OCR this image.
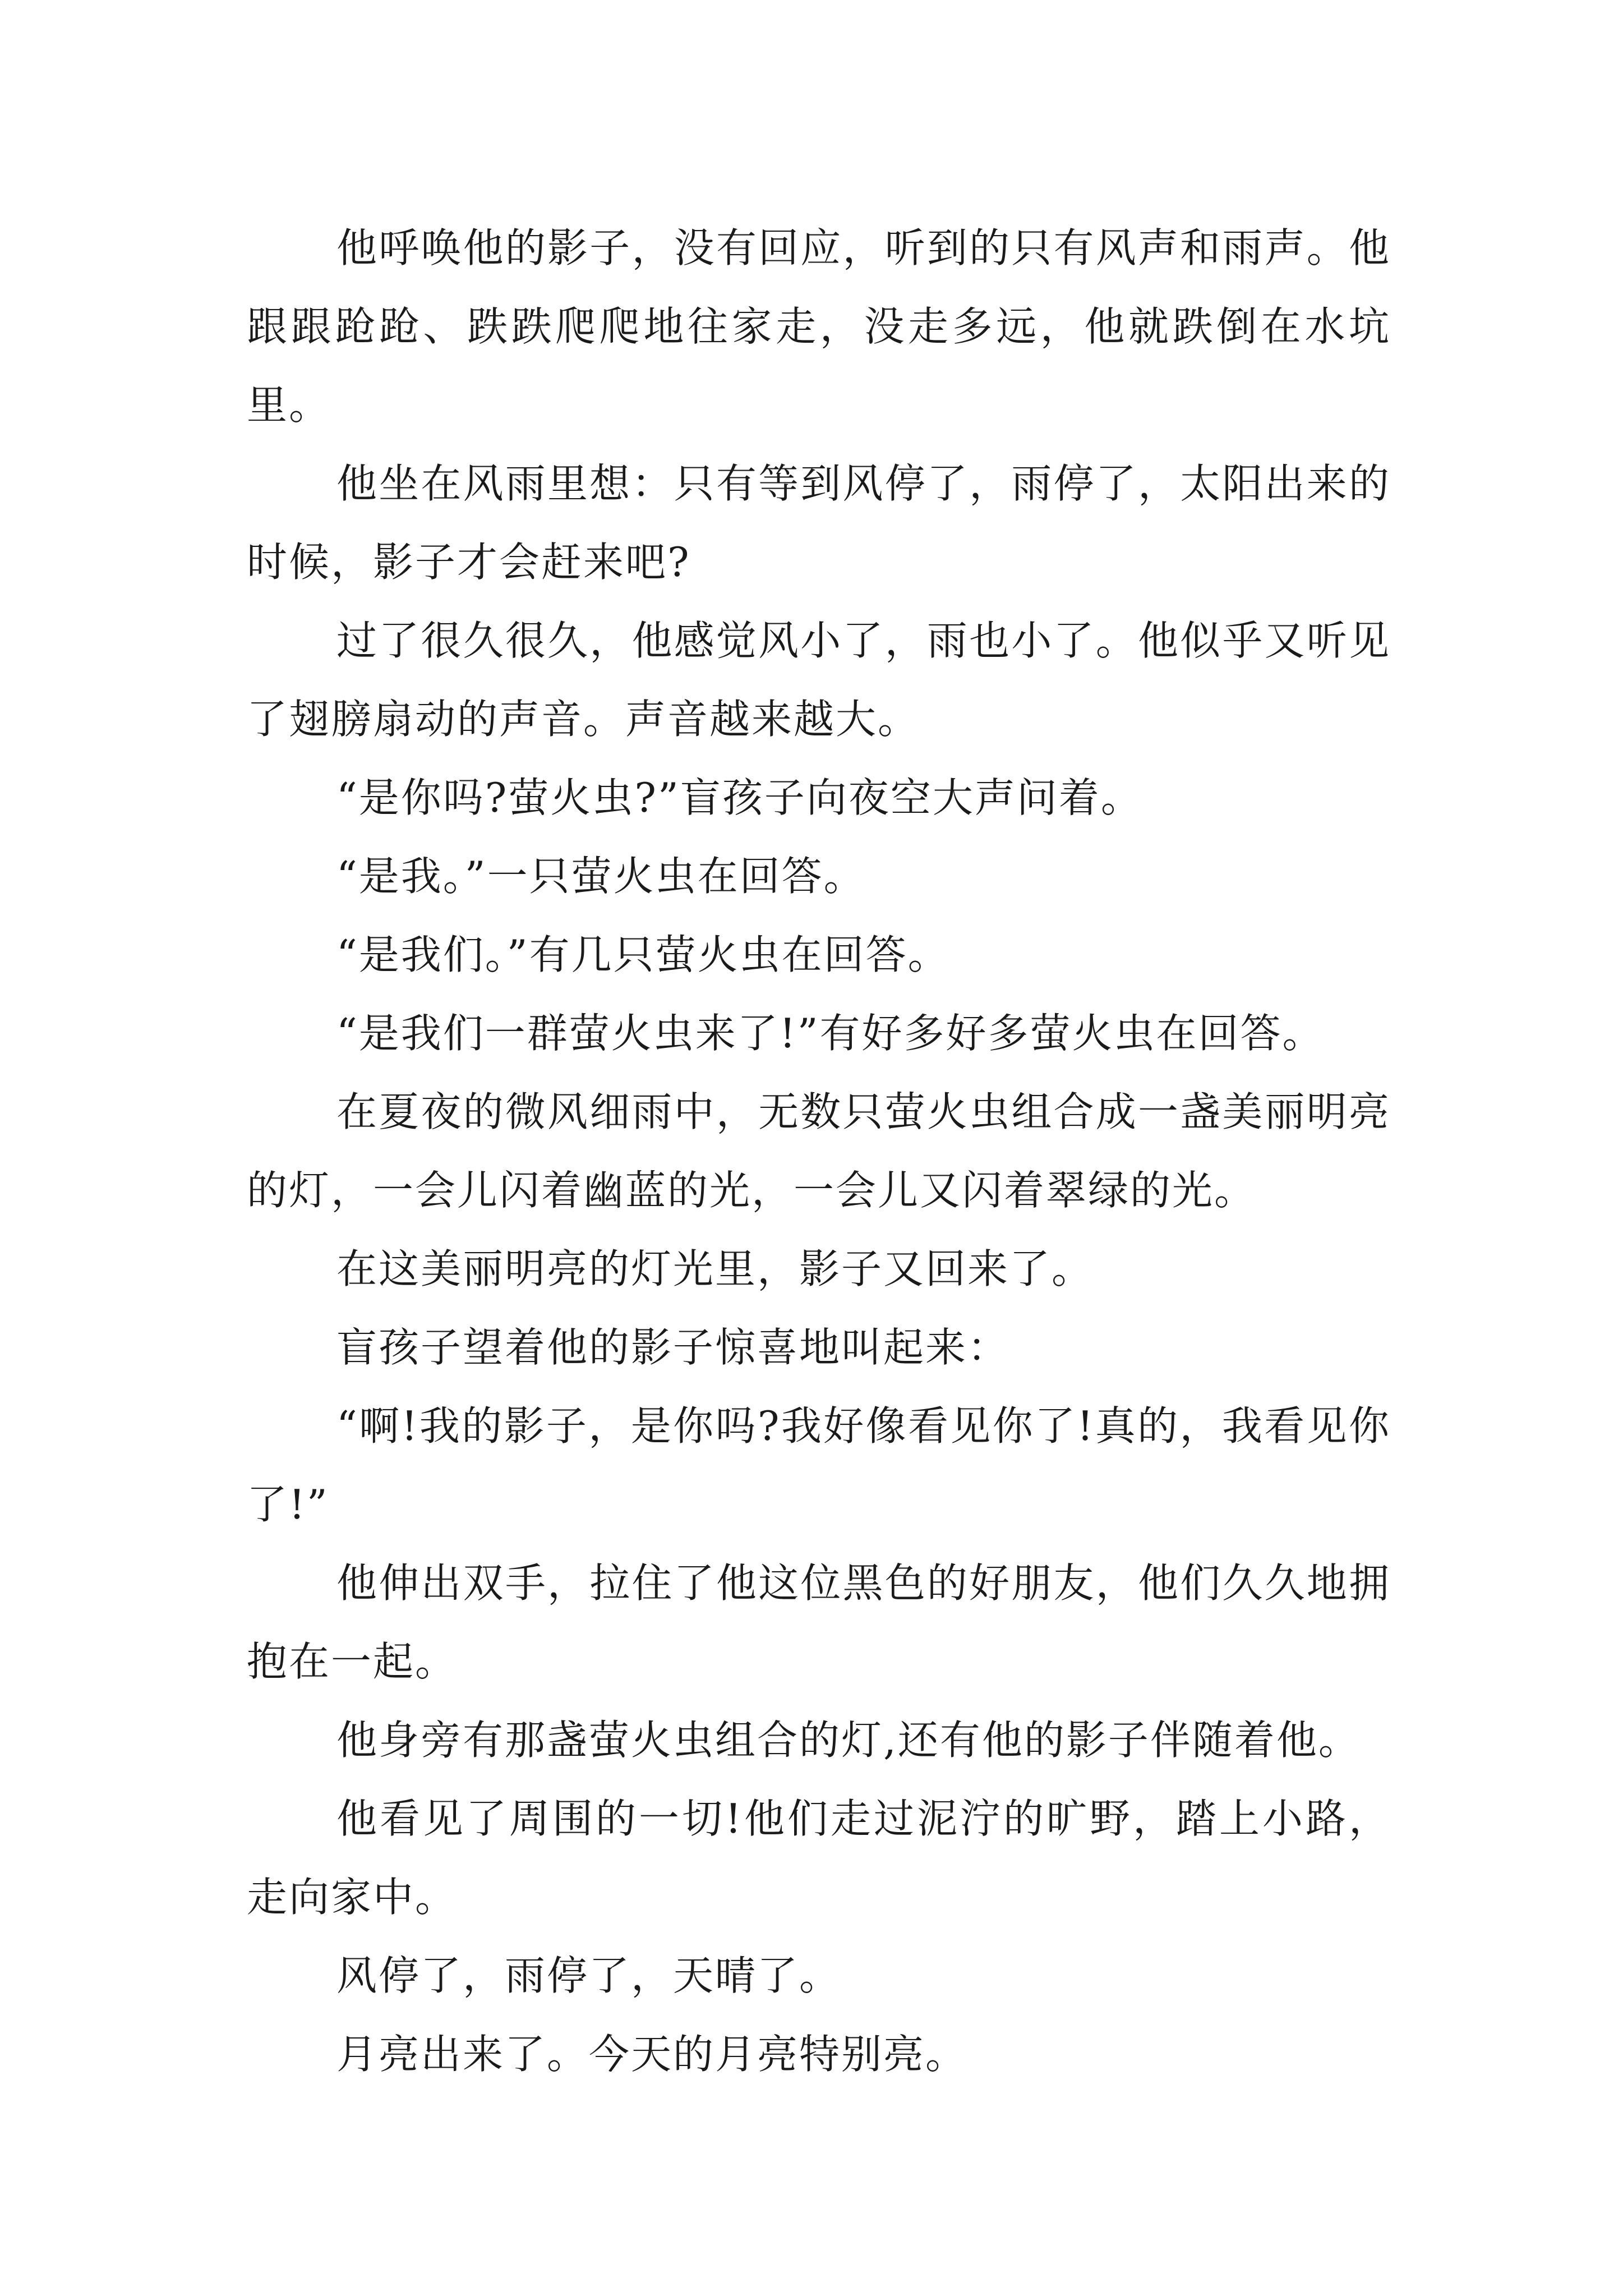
他呼唤他的影子，没有回应，听到的只有风声和雨声。他跟跟跄跄、跌跌爬爬地往家走，没走多远，他就跌倒在水坑里。

他坐在风雨里想：只有等到风停了，雨停了，太阳出来的时候，影子才会赶来吧?

过了很久很久，他感觉风小了，雨也小了。他似乎又听见了翅膀扇动的声音。声音越来越大。

“是你吗?萤火虫?”盲孩子向夜空大声问着。

“是我。”一只萤火虫在回答。

“是我们。”有几只萤火虫在回答。

“是我们一群萤火虫来了!”有好多好多萤火虫在回答。

在夏夜的微风细雨中，无数只萤火虫组合成一盏美丽明亮的灯，一会儿闪着幽蓝的光，一会儿又闪着翠绿的光。

在这美丽明亮的灯光里，影子又回来了。

盲孩子望着他的影子惊喜地叫起来：

“啊!我的影子，是你吗?我好像看见你了!真的，我看见你了!”

他伸出双手，拉住了他这位黑色的好朋友，他们久久地拥抱在一起。

他身旁有那盏萤火虫组合的灯,还有他的影子伴随着他。

他看见了周围的一切!他们走过泥泞的旷野，踏上小路，走向家中。

风停了，雨停了，天晴了。

月亮出来了。今天的月亮特别亮。
